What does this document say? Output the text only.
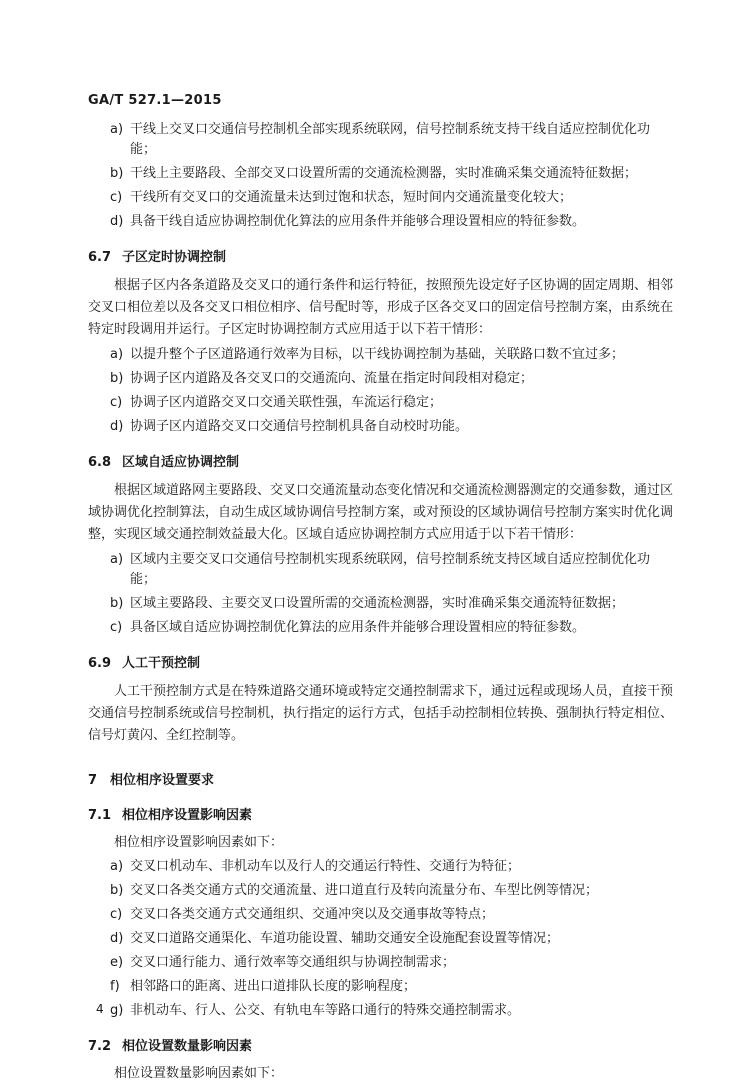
GA/T 527.1—2015
a) 干线上交叉口交通信号控制机全部实现系统联网，信号控制系统支持干线自适应控制优化功能；
b) 干线上主要路段、全部交叉口设置所需的交通流检测器，实时准确采集交通流特征数据；
c) 干线所有交叉口的交通流量未达到过饱和状态，短时间内交通流量变化较大；
d) 具备干线自适应协调控制优化算法的应用条件并能够合理设置相应的特征参数。
6.7 子区定时协调控制
根据子区内各条道路及交叉口的通行条件和运行特征，按照预先设定好子区协调的固定周期、相邻交叉口相位差以及各交叉口相位相序、信号配时等，形成子区各交叉口的固定信号控制方案，由系统在特定时段调用并运行。子区定时协调控制方式应用适于以下若干情形：
a) 以提升整个子区道路通行效率为目标，以干线协调控制为基础，关联路口数不宜过多；
b) 协调子区内道路及各交叉口的交通流向、流量在指定时间段相对稳定；
c) 协调子区内道路交叉口交通关联性强，车流运行稳定；
d) 协调子区内道路交叉口交通信号控制机具备自动校时功能。
6.8 区域自适应协调控制
根据区域道路网主要路段、交叉口交通流量动态变化情况和交通流检测器测定的交通参数，通过区域协调优化控制算法，自动生成区域协调信号控制方案，或对预设的区域协调信号控制方案实时优化调整，实现区域交通控制效益最大化。区域自适应协调控制方式应用适于以下若干情形：
a) 区域内主要交叉口交通信号控制机实现系统联网，信号控制系统支持区域自适应控制优化功能；
b) 区域主要路段、主要交叉口设置所需的交通流检测器，实时准确采集交通流特征数据；
c) 具备区域自适应协调控制优化算法的应用条件并能够合理设置相应的特征参数。
6.9 人工干预控制
人工干预控制方式是在特殊道路交通环境或特定交通控制需求下，通过远程或现场人员，直接干预交通信号控制系统或信号控制机，执行指定的运行方式，包括手动控制相位转换、强制执行特定相位、信号灯黄闪、全红控制等。
7 相位相序设置要求
7.1 相位相序设置影响因素
相位相序设置影响因素如下：
a) 交叉口机动车、非机动车以及行人的交通运行特性、交通行为特征；
b) 交叉口各类交通方式的交通流量、进口道直行及转向流量分布、车型比例等情况；
c) 交叉口各类交通方式交通组织、交通冲突以及交通事故等特点；
d) 交叉口道路交通渠化、车道功能设置、辅助交通安全设施配套设置等情况；
e) 交叉口通行能力、通行效率等交通组织与协调控制需求；
f) 相邻路口的距离、进出口道排队长度的影响程度；
g) 非机动车、行人、公交、有轨电车等路口通行的特殊交通控制需求。
7.2 相位设置数量影响因素
相位设置数量影响因素如下：
4
